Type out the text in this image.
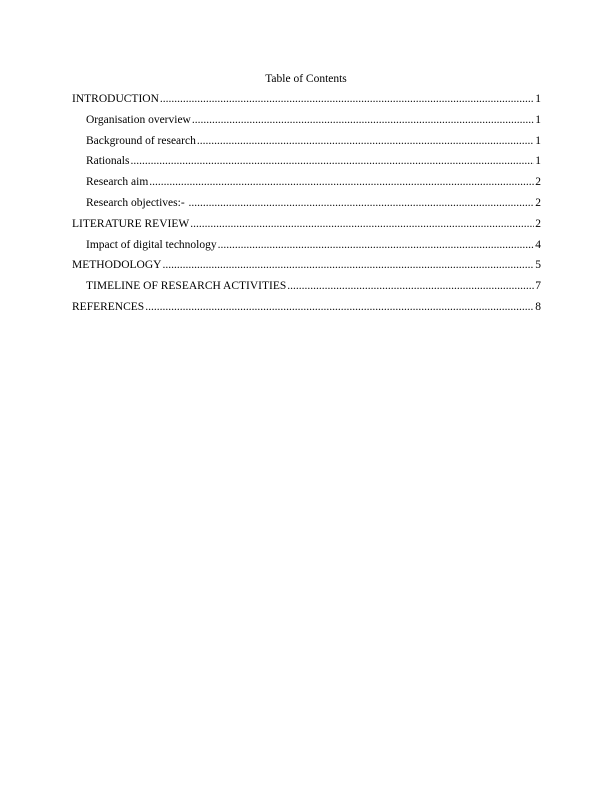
Table of Contents
INTRODUCTION .....	1
Organisation overview .....	1
Background of research .....	1
Rationals .....	1
Research aim .....	2
Research objectives:- .....	2
LITERATURE REVIEW .....	2
Impact of digital technology .....	4
METHODOLOGY .....	5
TIMELINE OF RESEARCH ACTIVITIES .....	7
REFERENCES .....	8
